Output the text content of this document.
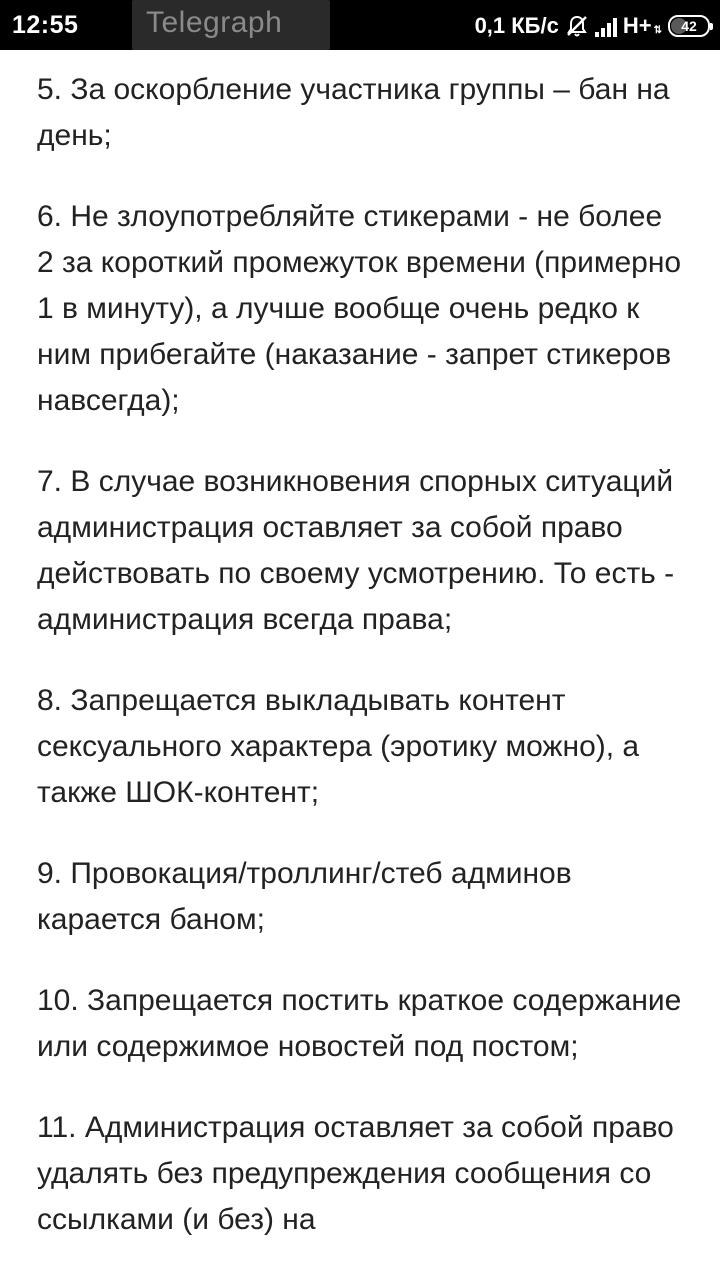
5. За оскорбление участника группы – бан на день;

6. Не злоупотребляйте стикерами - не более 2 за короткий промежуток времени (примерно 1 в минуту), а лучше вообще очень редко к ним прибегайте (наказание - запрет стикеров навсегда);

7. В случае возникновения спорных ситуаций администрация оставляет за собой право действовать по своему усмотрению. То есть - администрация всегда права;

8. Запрещается выкладывать контент сексуального характера (эротику можно), а также ШОК-контент;

9. Провокация/троллинг/стеб админов карается баном;

10. Запрещается постить краткое содержание или содержимое новостей под постом;

11. Администрация оставляет за собой право удалять без предупреждения сообщения со ссылками (и без) на

12:55 Telegraph	0,1 КБ/с	H+ ⇅ 42
